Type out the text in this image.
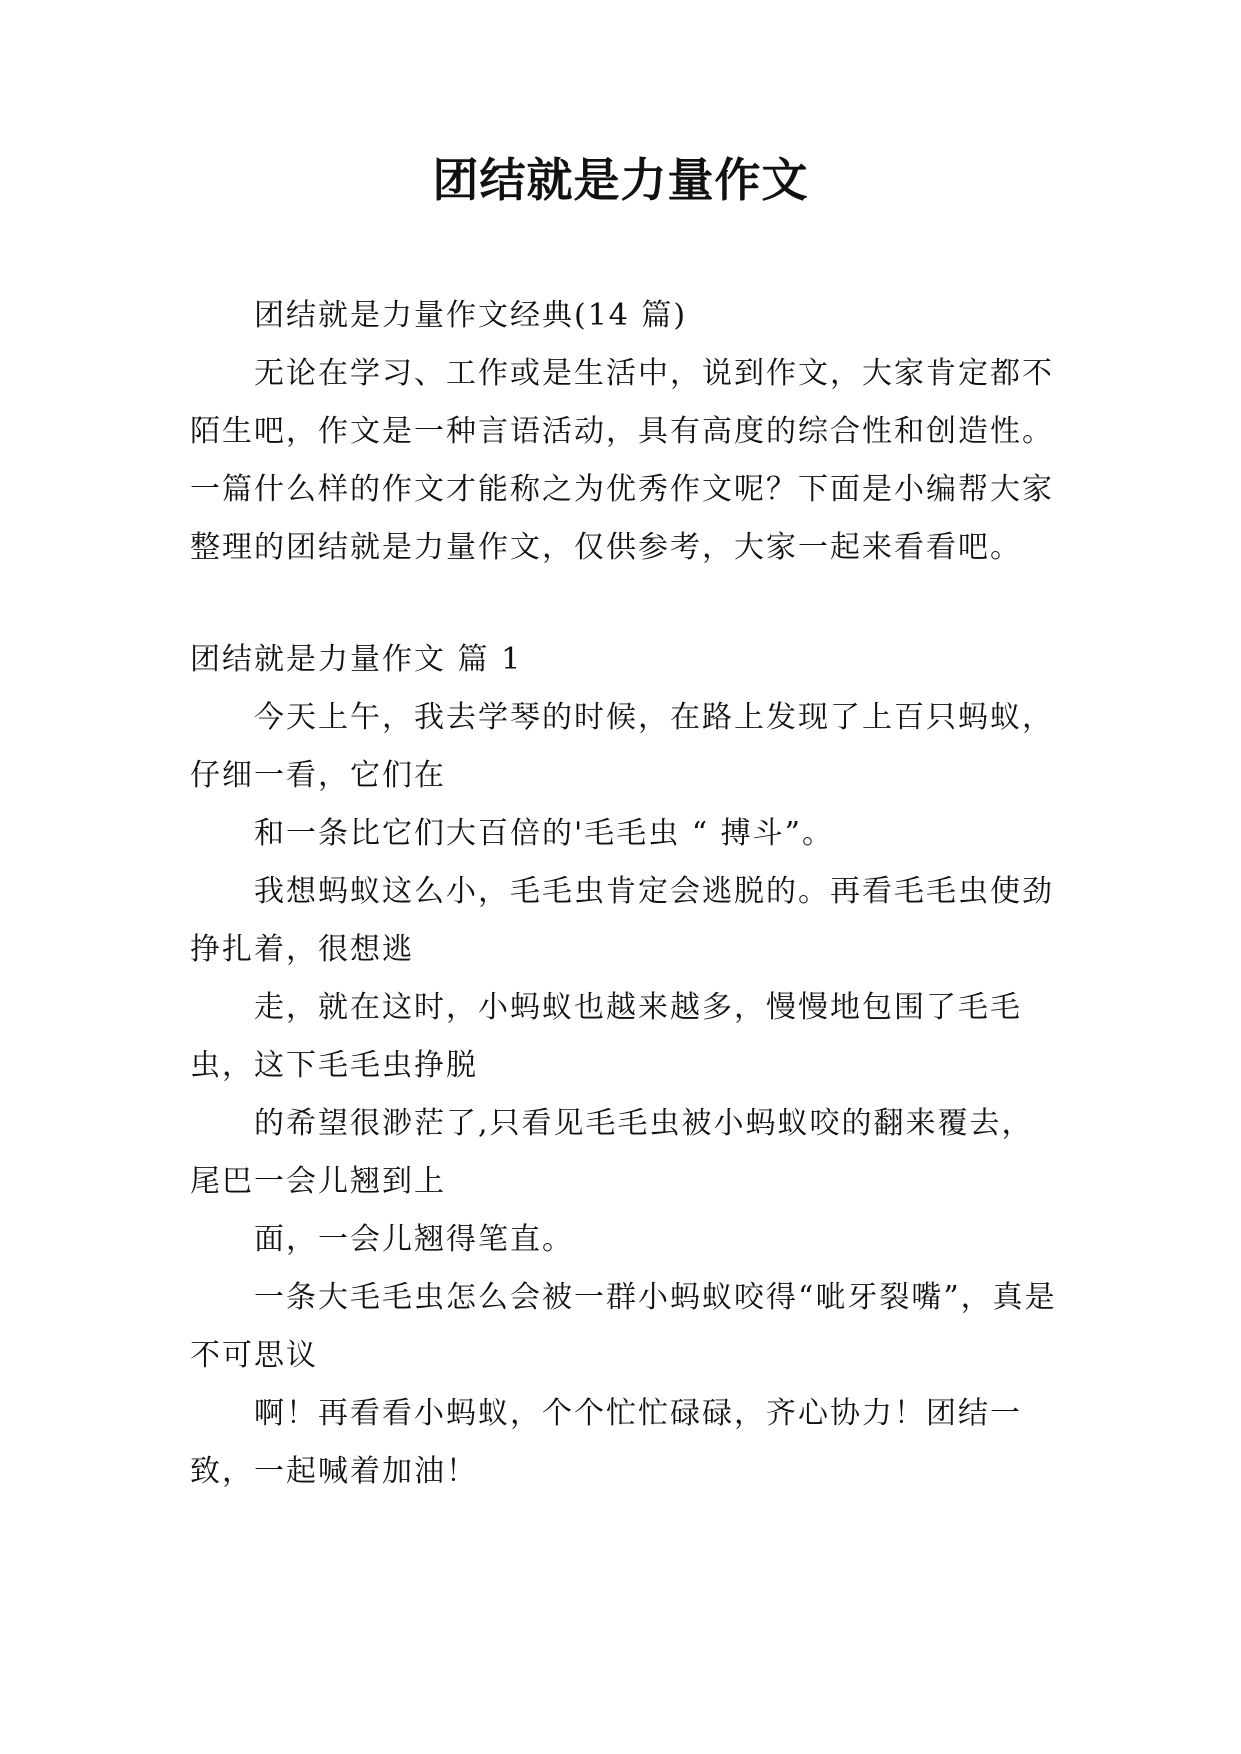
团结就是力量作文

团结就是力量作文经典(14 篇)

无论在学习、工作或是生活中，说到作文，大家肯定都不陌生吧，作文是一种言语活动，具有高度的综合性和创造性。一篇什么样的作文才能称之为优秀作文呢？下面是小编帮大家整理的团结就是力量作文，仅供参考，大家一起来看看吧。

团结就是力量作文 篇 1

今天上午，我去学琴的时候，在路上发现了上百只蚂蚁，仔细一看，它们在

和一条比它们大百倍的'毛毛虫 “ 搏斗”。

我想蚂蚁这么小，毛毛虫肯定会逃脱的。再看毛毛虫使劲挣扎着，很想逃

走，就在这时，小蚂蚁也越来越多，慢慢地包围了毛毛虫，这下毛毛虫挣脱

的希望很渺茫了,只看见毛毛虫被小蚂蚁咬的翻来覆去，尾巴一会儿翘到上

面，一会儿翘得笔直。

一条大毛毛虫怎么会被一群小蚂蚁咬得“呲牙裂嘴”，真是不可思议

啊！再看看小蚂蚁，个个忙忙碌碌，齐心协力！团结一致，一起喊着加油！
